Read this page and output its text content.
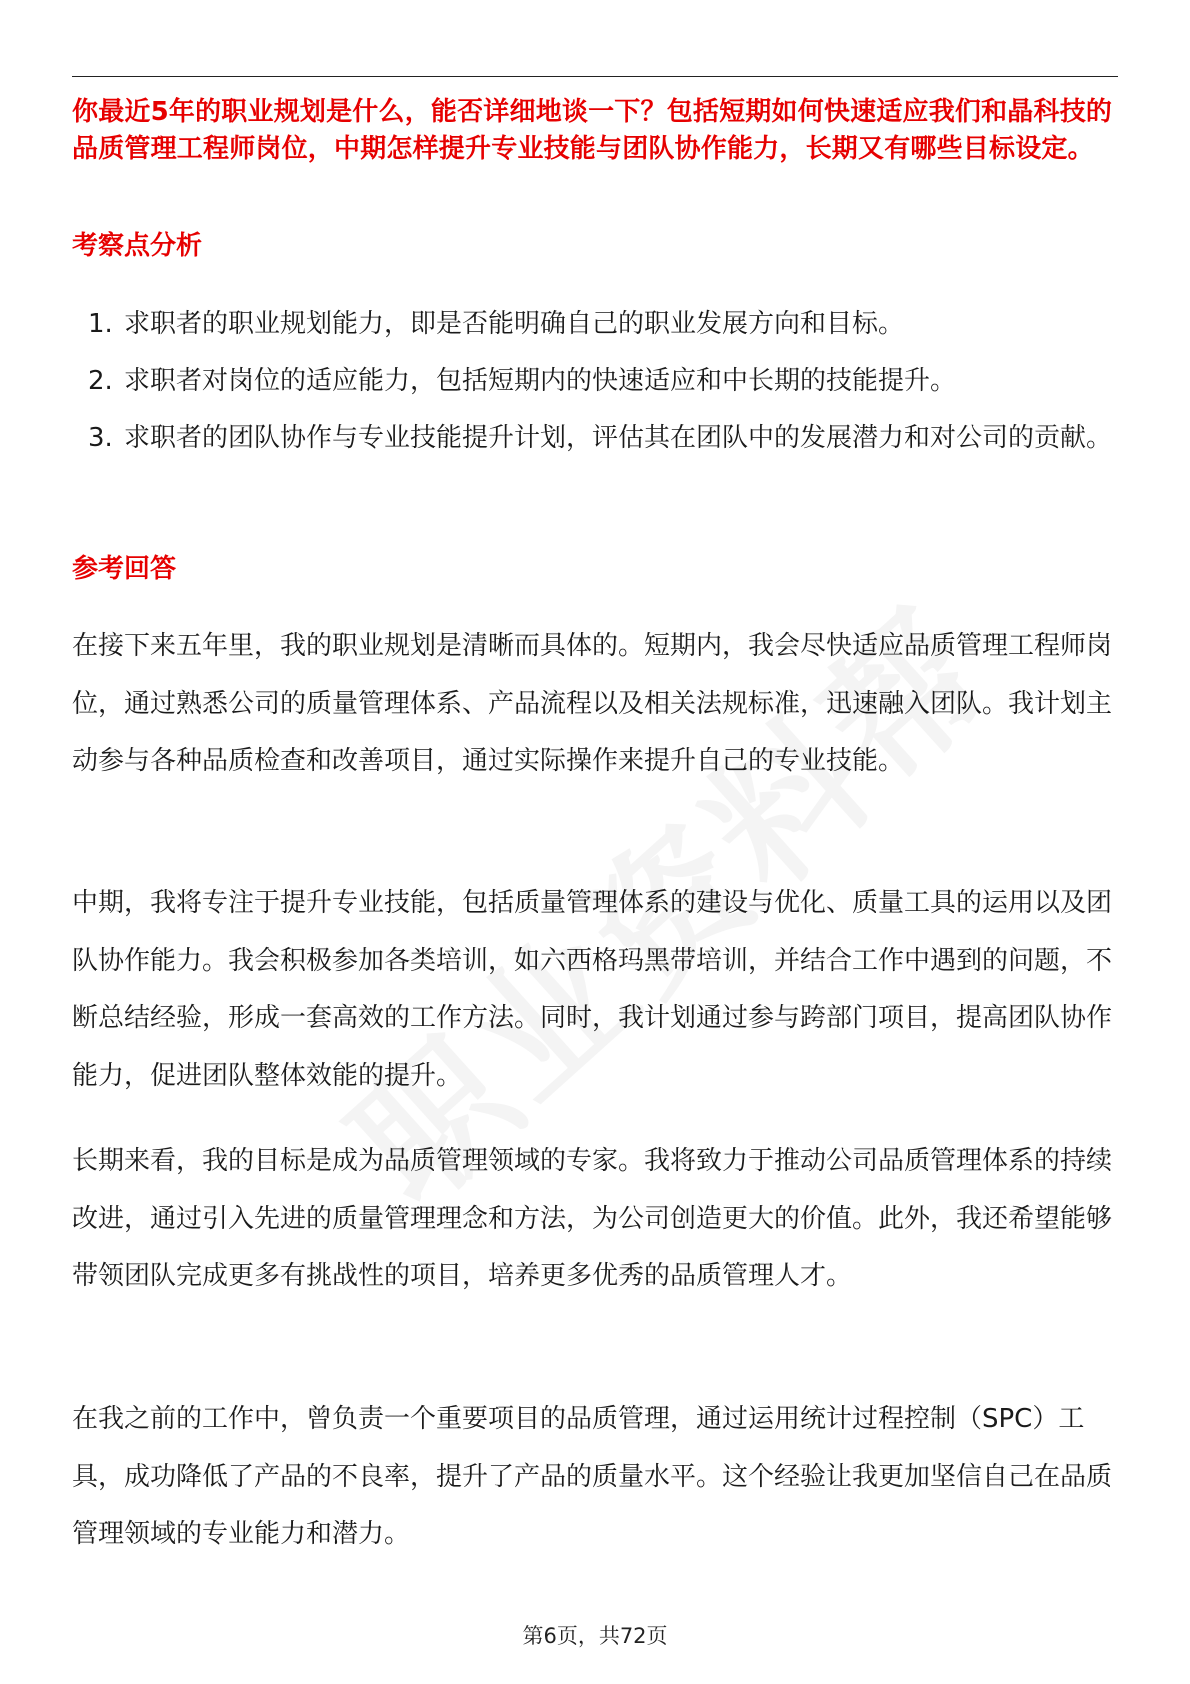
你最近5年的职业规划是什么，能否详细地谈一下？包括短期如何快速适应我们和晶科技的品质管理工程师岗位，中期怎样提升专业技能与团队协作能力，长期又有哪些目标设定。

考察点分析
1. 求职者的职业规划能力，即是否能明确自己的职业发展方向和目标。
2. 求职者对岗位的适应能力，包括短期内的快速适应和中长期的技能提升。
3. 求职者的团队协作与专业技能提升计划，评估其在团队中的发展潜力和对公司的贡献。
参考回答

在接下来五年里，我的职业规划是清晰而具体的。短期内，我会尽快适应品质管理工程师岗位，通过熟悉公司的质量管理体系、产品流程以及相关法规标准，迅速融入团队。我计划主动参与各种品质检查和改善项目，通过实际操作来提升自己的专业技能。

中期，我将专注于提升专业技能，包括质量管理体系的建设与优化、质量工具的运用以及团队协作能力。我会积极参加各类培训，如六西格玛黑带培训，并结合工作中遇到的问题，不断总结经验，形成一套高效的工作方法。同时，我计划通过参与跨部门项目，提高团队协作能力，促进团队整体效能的提升。

长期来看，我的目标是成为品质管理领域的专家。我将致力于推动公司品质管理体系的持续改进，通过引入先进的质量管理理念和方法，为公司创造更大的价值。此外，我还希望能够带领团队完成更多有挑战性的项目，培养更多优秀的品质管理人才。

在我之前的工作中，曾负责一个重要项目的品质管理，通过运用统计过程控制（SPC）工具，成功降低了产品的不良率，提升了产品的质量水平。这个经验让我更加坚信自己在品质管理领域的专业能力和潜力。

第6页，共72页
